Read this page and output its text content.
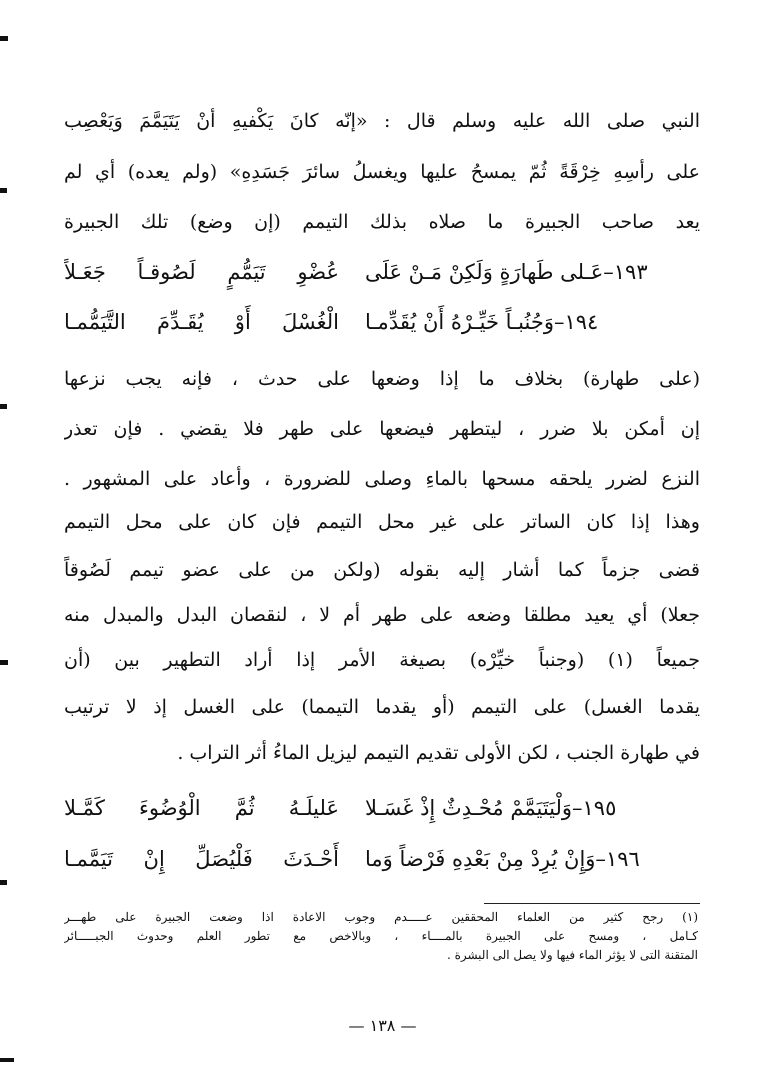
النبي صلى الله عليه وسلم قال : «إنّه كانَ يَكْفيهِ أنْ يَتَيَمَّمَ وَيَعْصِب
على رأسِهِ خِرْقَةً ثُمّ يمسحُ عليها ويغسلُ سائرَ جَسَدِهِ» (ولم يعده) أي لم
يعد صاحب الجبيرة ما صلاه بذلك التيمم (إن وضع) تلك الجبيرة
١٩٣–عَـلى طَهارَةٍ وَلَكِنْ مَـنْ عَلَى
عُضْوِ تَيَمُّمٍ لَصُوقـاً جَعَـلاً
١٩٤–وَجُنُبـاً خَيِّـرْهُ أَنْ يُقَدِّمـا
الْغُسْلَ أَوْ يُقَـدِّمَ التَّيَمُّمـا
(على طهارة) بخلاف ما إذا وضعها على حدث ، فإنه يجب نزعها
إن أمكن بلا ضرر ، ليتطهر فيضعها على طهر فلا يقضي . فإن تعذر
النزع لضرر يلحقه مسحها بالماءِ وصلى للضرورة ، وأعاد على المشهور .
وهذا إذا كان الساتر على غير محل التيمم فإن كان على محل التيمم
قضى جزماً كما أشار إليه بقوله (ولكن من على عضو تيمم لَصُوقاً
جعلا) أي يعيد مطلقا وضعه على طهر أم لا ، لنقصان البدل والمبدل منه
جميعاً (١) (وجنباً خيِّرْه) بصيغة الأمر إذا أراد التطهير بين (أن
يقدما الغسل) على التيمم (أو يقدما التيمما) على الغسل إذ لا ترتيب
في طهارة الجنب ، لكن الأولى تقديم التيمم ليزيل الماءُ أثر التراب .
١٩٥–وَلْيَتَيَمَّمْ مُحْـدِثٌ إِذْ غَسَـلا
عَليلَـهُ ثُمَّ الْوُضُوءَ كَمَّـلا
١٩٦–وَإِنْ يُرِدْ مِنْ بَعْدِهِ فَرْضاً وَما
أَحْـدَثَ فَلْيُصَلِّ إِنْ تَيَمَّمـا
(١) رجح كثير من العلماء المحققين عـــــدم وجوب الاعادة اذا وضعت الجبيرة على طهـــر
كـامل ، ومسح على الجبيرة بالمــــاء ، وبالاخص مع تطور العلم وحدوث الجبـــــائر
المتقنة التى لا يؤثر الماء فيها ولا يصل الى البشرة .
— ١٣٨ —
